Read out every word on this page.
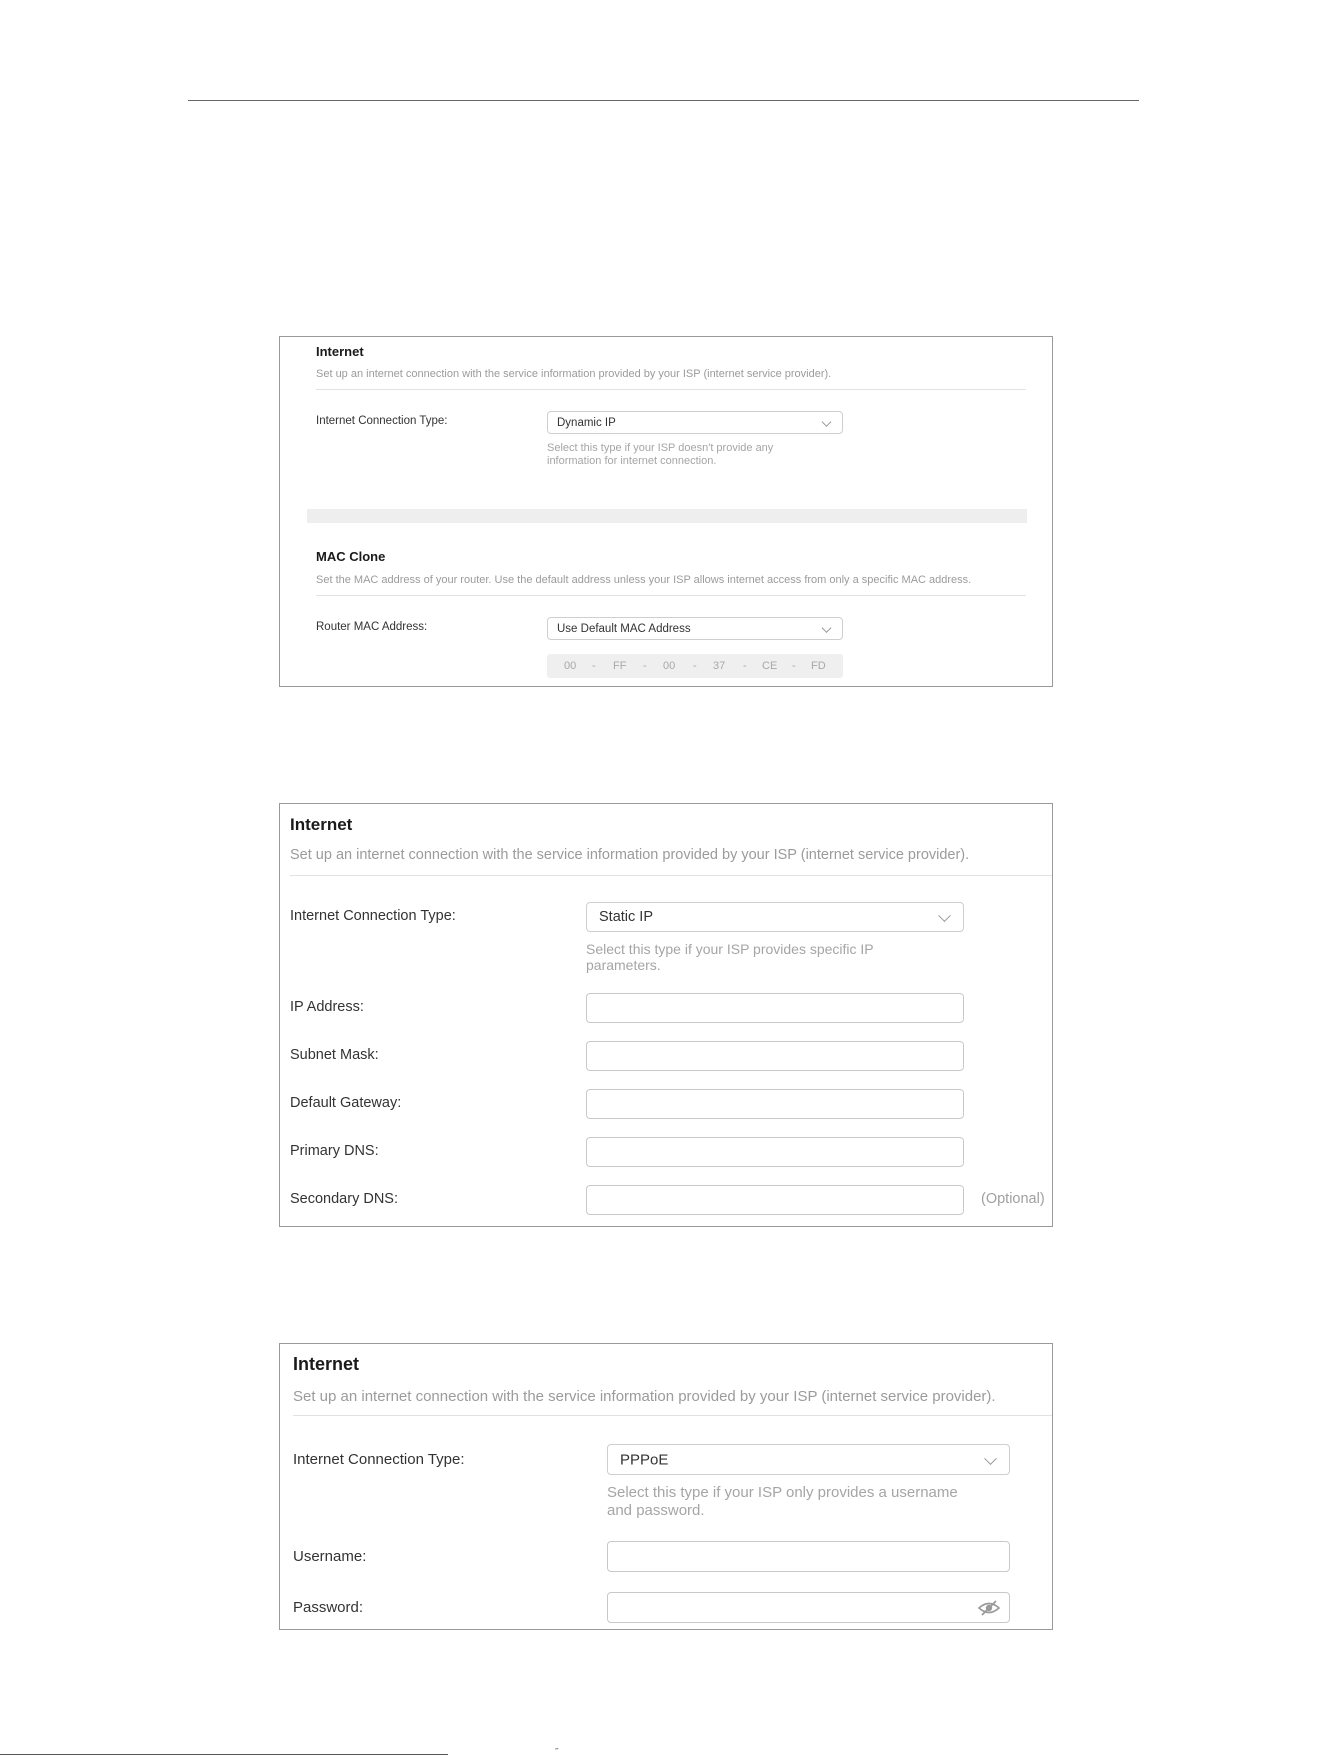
Internet
Set up an internet connection with the service information provided by your ISP (internet service provider).
Internet Connection Type:	Dynamic IP
Select this type if your ISP doesn't provide any
information for internet connection.
MAC Clone
Set the MAC address of your router. Use the default address unless your ISP allows internet access from only a specific MAC address.
Router MAC Address:	Use Default MAC Address
00 - FF - 00 - 37 - CE - FD
Internet
Set up an internet connection with the service information provided by your ISP (internet service provider).
Internet Connection Type:	Static IP
Select this type if your ISP provides specific IP
parameters.
IP Address:
Subnet Mask:
Default Gateway:
Primary DNS:
Secondary DNS:	(Optional)
Internet
Set up an internet connection with the service information provided by your ISP (internet service provider).
Internet Connection Type:	PPPoE
Select this type if your ISP only provides a username
and password.
Username:
Password:
˝
